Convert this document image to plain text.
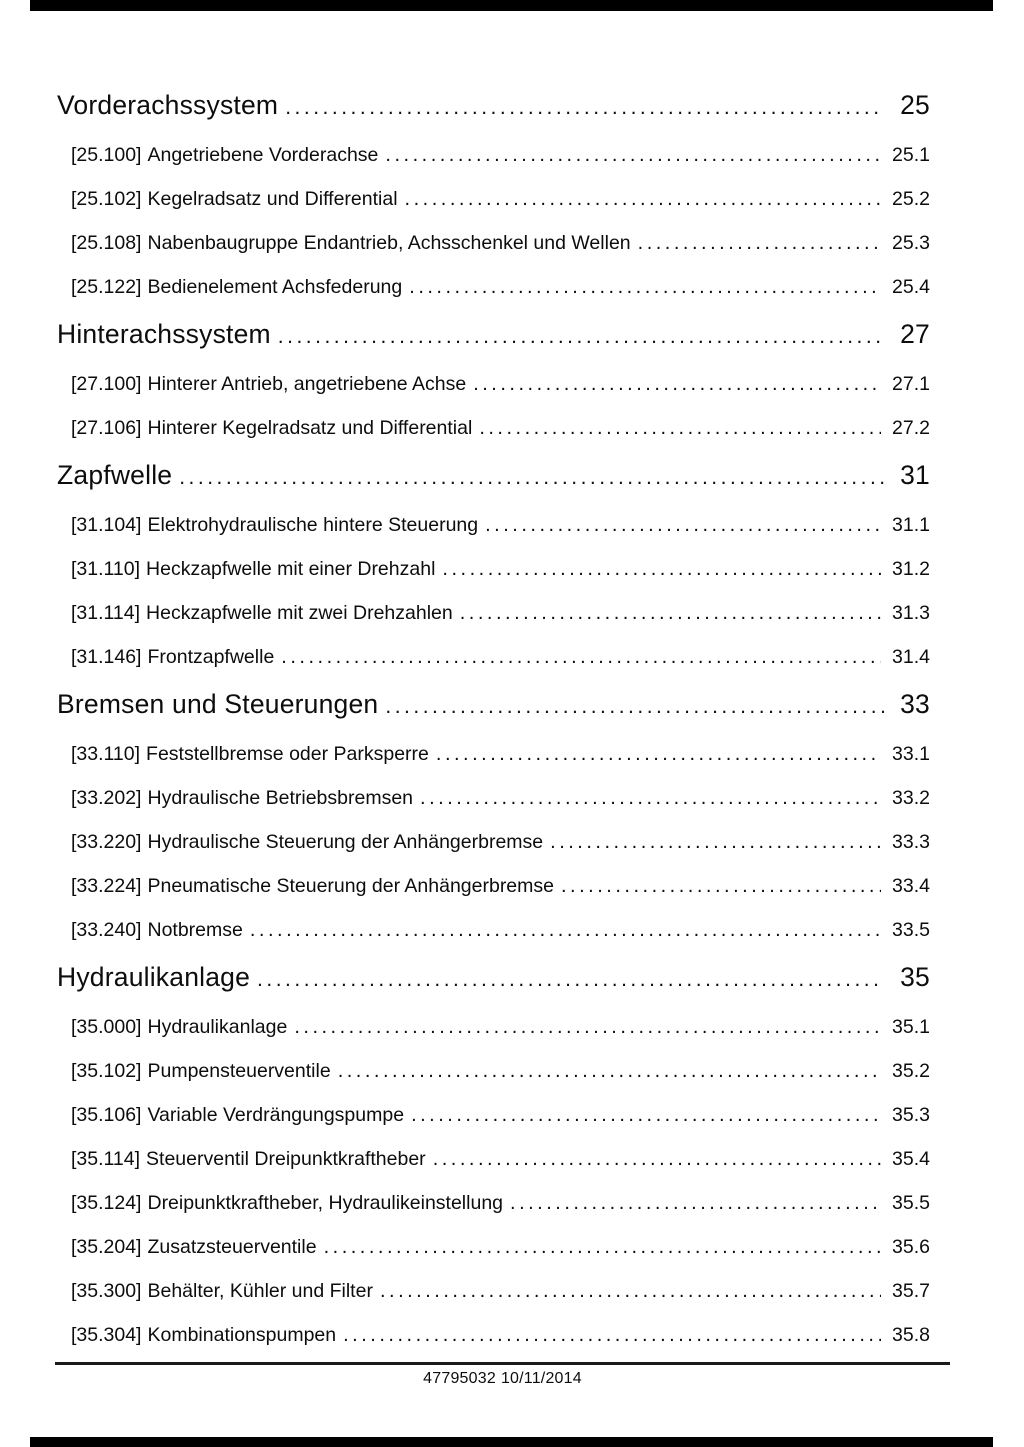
Vorderachssystem .....	25
[25.100] Angetriebene Vorderachse .....	25.1
[25.102] Kegelradsatz und Differential .....	25.2
[25.108] Nabenbaugruppe Endantrieb, Achsschenkel und Wellen .....	25.3
[25.122] Bedienelement Achsfederung .....	25.4
Hinterachssystem .....	27
[27.100] Hinterer Antrieb, angetriebene Achse .....	27.1
[27.106] Hinterer Kegelradsatz und Differential .....	27.2
Zapfwelle .....	31
[31.104] Elektrohydraulische hintere Steuerung .....	31.1
[31.110] Heckzapfwelle mit einer Drehzahl .....	31.2
[31.114] Heckzapfwelle mit zwei Drehzahlen .....	31.3
[31.146] Frontzapfwelle .....	31.4
Bremsen und Steuerungen .....	33
[33.110] Feststellbremse oder Parksperre .....	33.1
[33.202] Hydraulische Betriebsbremsen .....	33.2
[33.220] Hydraulische Steuerung der Anhängerbremse .....	33.3
[33.224] Pneumatische Steuerung der Anhängerbremse .....	33.4
[33.240] Notbremse .....	33.5
Hydraulikanlage .....	35
[35.000] Hydraulikanlage .....	35.1
[35.102] Pumpensteuerventile .....	35.2
[35.106] Variable Verdrängungspumpe .....	35.3
[35.114] Steuerventil Dreipunktkraftheber .....	35.4
[35.124] Dreipunktkraftheber, Hydraulikeinstellung .....	35.5
[35.204] Zusatzsteuerventile .....	35.6
[35.300] Behälter, Kühler und Filter .....	35.7
[35.304] Kombinationspumpen .....	35.8
47795032 10/11/2014
